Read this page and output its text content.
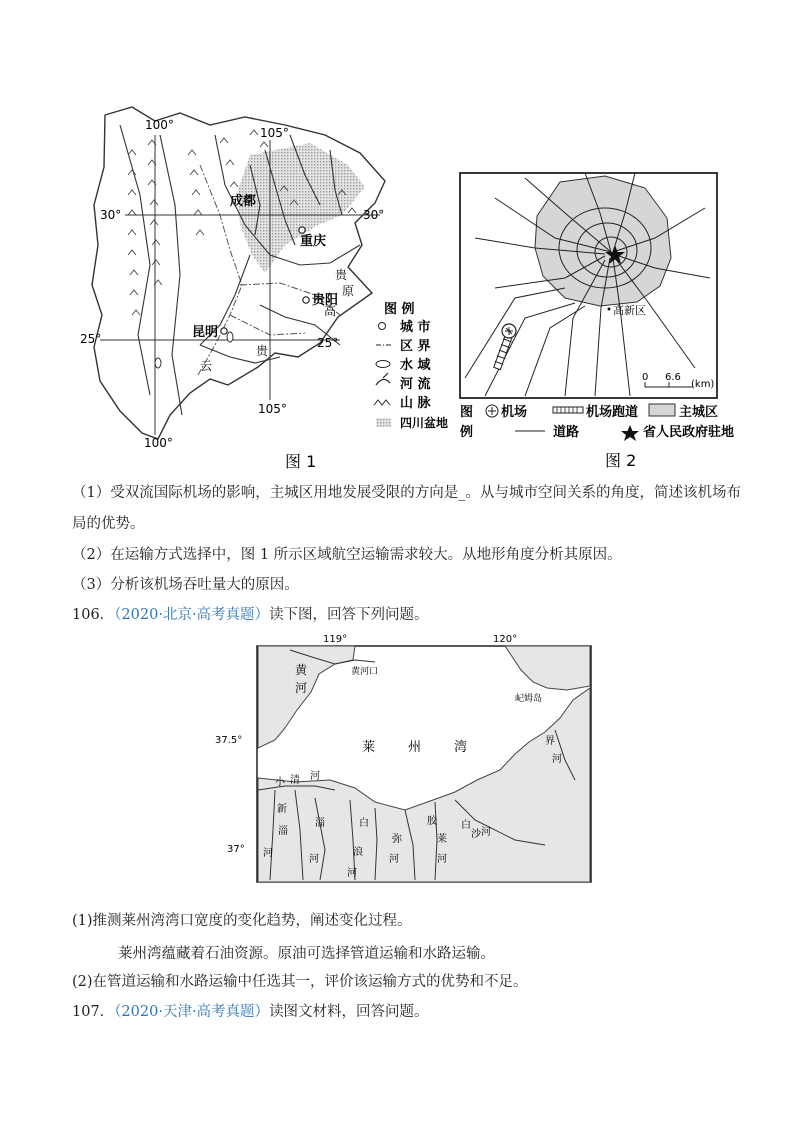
100°
105°
100°
105°
30°	30°
25°	25°
成都
重庆
贵阳
昆明
贵
高
原
贵
云
图 例
城 市
区 界
水 域
河 流
山 脉
四川盆地
图 1
高新区
0 6.6
(km)
图
例
机场	机场跑道	主城区
道路	省人民政府驻地
图 2
（1）受双流国际机场的影响，主城区用地发展受限的方向是_。从与城市空间关系的角度，简述该机场布
局的优势。
（2）在运输方式选择中，图 1 所示区域航空运输需求较大。从地形角度分析其原因。
（3）分析该机场吞吐量大的原因。
106．（2020·北京·高考真题）读下图，回答下列问题。
119°	120°
37.5°
37°
黄
河
黄河口
屺姆岛
莱	州	湾
小 清 河
新
淄
河
淄
河
白
浪
河
弥
河
胶
莱
河
白
沙 河
界
河
(1)推测莱州湾湾口宽度的变化趋势，阐述变化过程。
莱州湾蕴藏着石油资源。原油可选择管道运输和水路运输。
(2)在管道运输和水路运输中任选其一，评价该运输方式的优势和不足。
107．（2020·天津·高考真题）读图文材料，回答问题。
